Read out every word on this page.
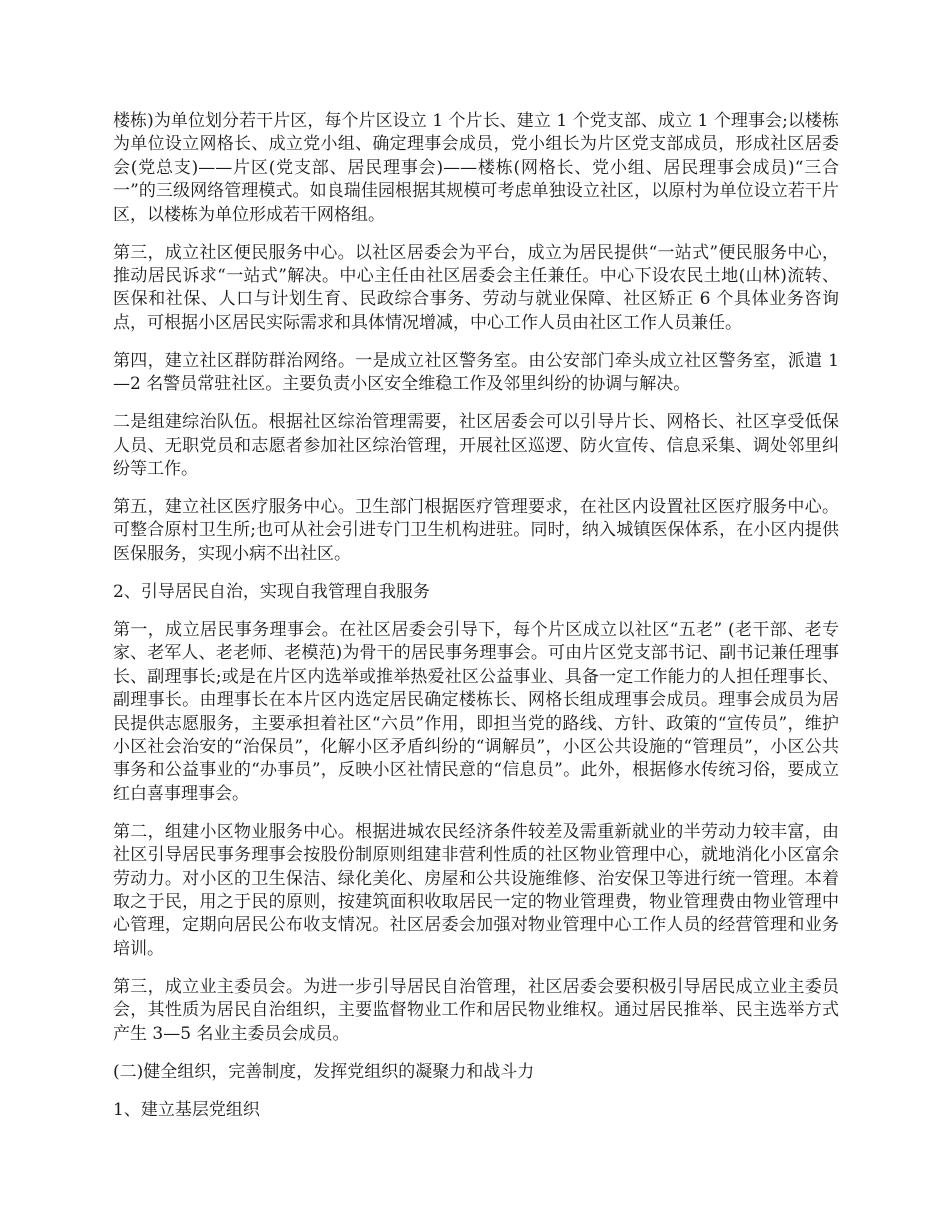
楼栋)为单位划分若干片区，每个片区设立 1 个片长、建立 1 个党支部、成立 1 个理事会;以楼栋为单位设立网格长、成立党小组、确定理事会成员，党小组长为片区党支部成员，形成社区居委会(党总支)——片区(党支部、居民理事会)——楼栋(网格长、党小组、居民理事会成员)“三合一”的三级网络管理模式。如良瑞佳园根据其规模可考虑单独设立社区，以原村为单位设立若干片区，以楼栋为单位形成若干网格组。

第三，成立社区便民服务中心。以社区居委会为平台，成立为居民提供“一站式”便民服务中心，推动居民诉求“一站式”解决。中心主任由社区居委会主任兼任。中心下设农民土地(山林)流转、医保和社保、人口与计划生育、民政综合事务、劳动与就业保障、社区矫正 6 个具体业务咨询点，可根据小区居民实际需求和具体情况增减，中心工作人员由社区工作人员兼任。

第四，建立社区群防群治网络。一是成立社区警务室。由公安部门牵头成立社区警务室，派遣 1—2 名警员常驻社区。主要负责小区安全维稳工作及邻里纠纷的协调与解决。

二是组建综治队伍。根据社区综治管理需要，社区居委会可以引导片长、网格长、社区享受低保人员、无职党员和志愿者参加社区综治管理，开展社区巡逻、防火宣传、信息采集、调处邻里纠纷等工作。

第五，建立社区医疗服务中心。卫生部门根据医疗管理要求，在社区内设置社区医疗服务中心。可整合原村卫生所;也可从社会引进专门卫生机构进驻。同时，纳入城镇医保体系，在小区内提供医保服务，实现小病不出社区。

2、引导居民自治，实现自我管理自我服务

第一，成立居民事务理事会。在社区居委会引导下，每个片区成立以社区“五老” (老干部、老专家、老军人、老老师、老模范)为骨干的居民事务理事会。可由片区党支部书记、副书记兼任理事长、副理事长;或是在片区内选举或推举热爱社区公益事业、具备一定工作能力的人担任理事长、副理事长。由理事长在本片区内选定居民确定楼栋长、网格长组成理事会成员。理事会成员为居民提供志愿服务，主要承担着社区“六员”作用，即担当党的路线、方针、政策的“宣传员”，维护小区社会治安的“治保员”，化解小区矛盾纠纷的“调解员”，小区公共设施的“管理员”，小区公共事务和公益事业的“办事员”，反映小区社情民意的“信息员”。此外，根据修水传统习俗，要成立红白喜事理事会。

第二，组建小区物业服务中心。根据进城农民经济条件较差及需重新就业的半劳动力较丰富，由社区引导居民事务理事会按股份制原则组建非营利性质的社区物业管理中心，就地消化小区富余劳动力。对小区的卫生保洁、绿化美化、房屋和公共设施维修、治安保卫等进行统一管理。本着取之于民，用之于民的原则，按建筑面积收取居民一定的物业管理费，物业管理费由物业管理中心管理，定期向居民公布收支情况。社区居委会加强对物业管理中心工作人员的经营管理和业务培训。

第三，成立业主委员会。为进一步引导居民自治管理，社区居委会要积极引导居民成立业主委员会，其性质为居民自治组织，主要监督物业工作和居民物业维权。通过居民推举、民主选举方式产生 3—5 名业主委员会成员。

(二)健全组织，完善制度，发挥党组织的凝聚力和战斗力

1、建立基层党组织
